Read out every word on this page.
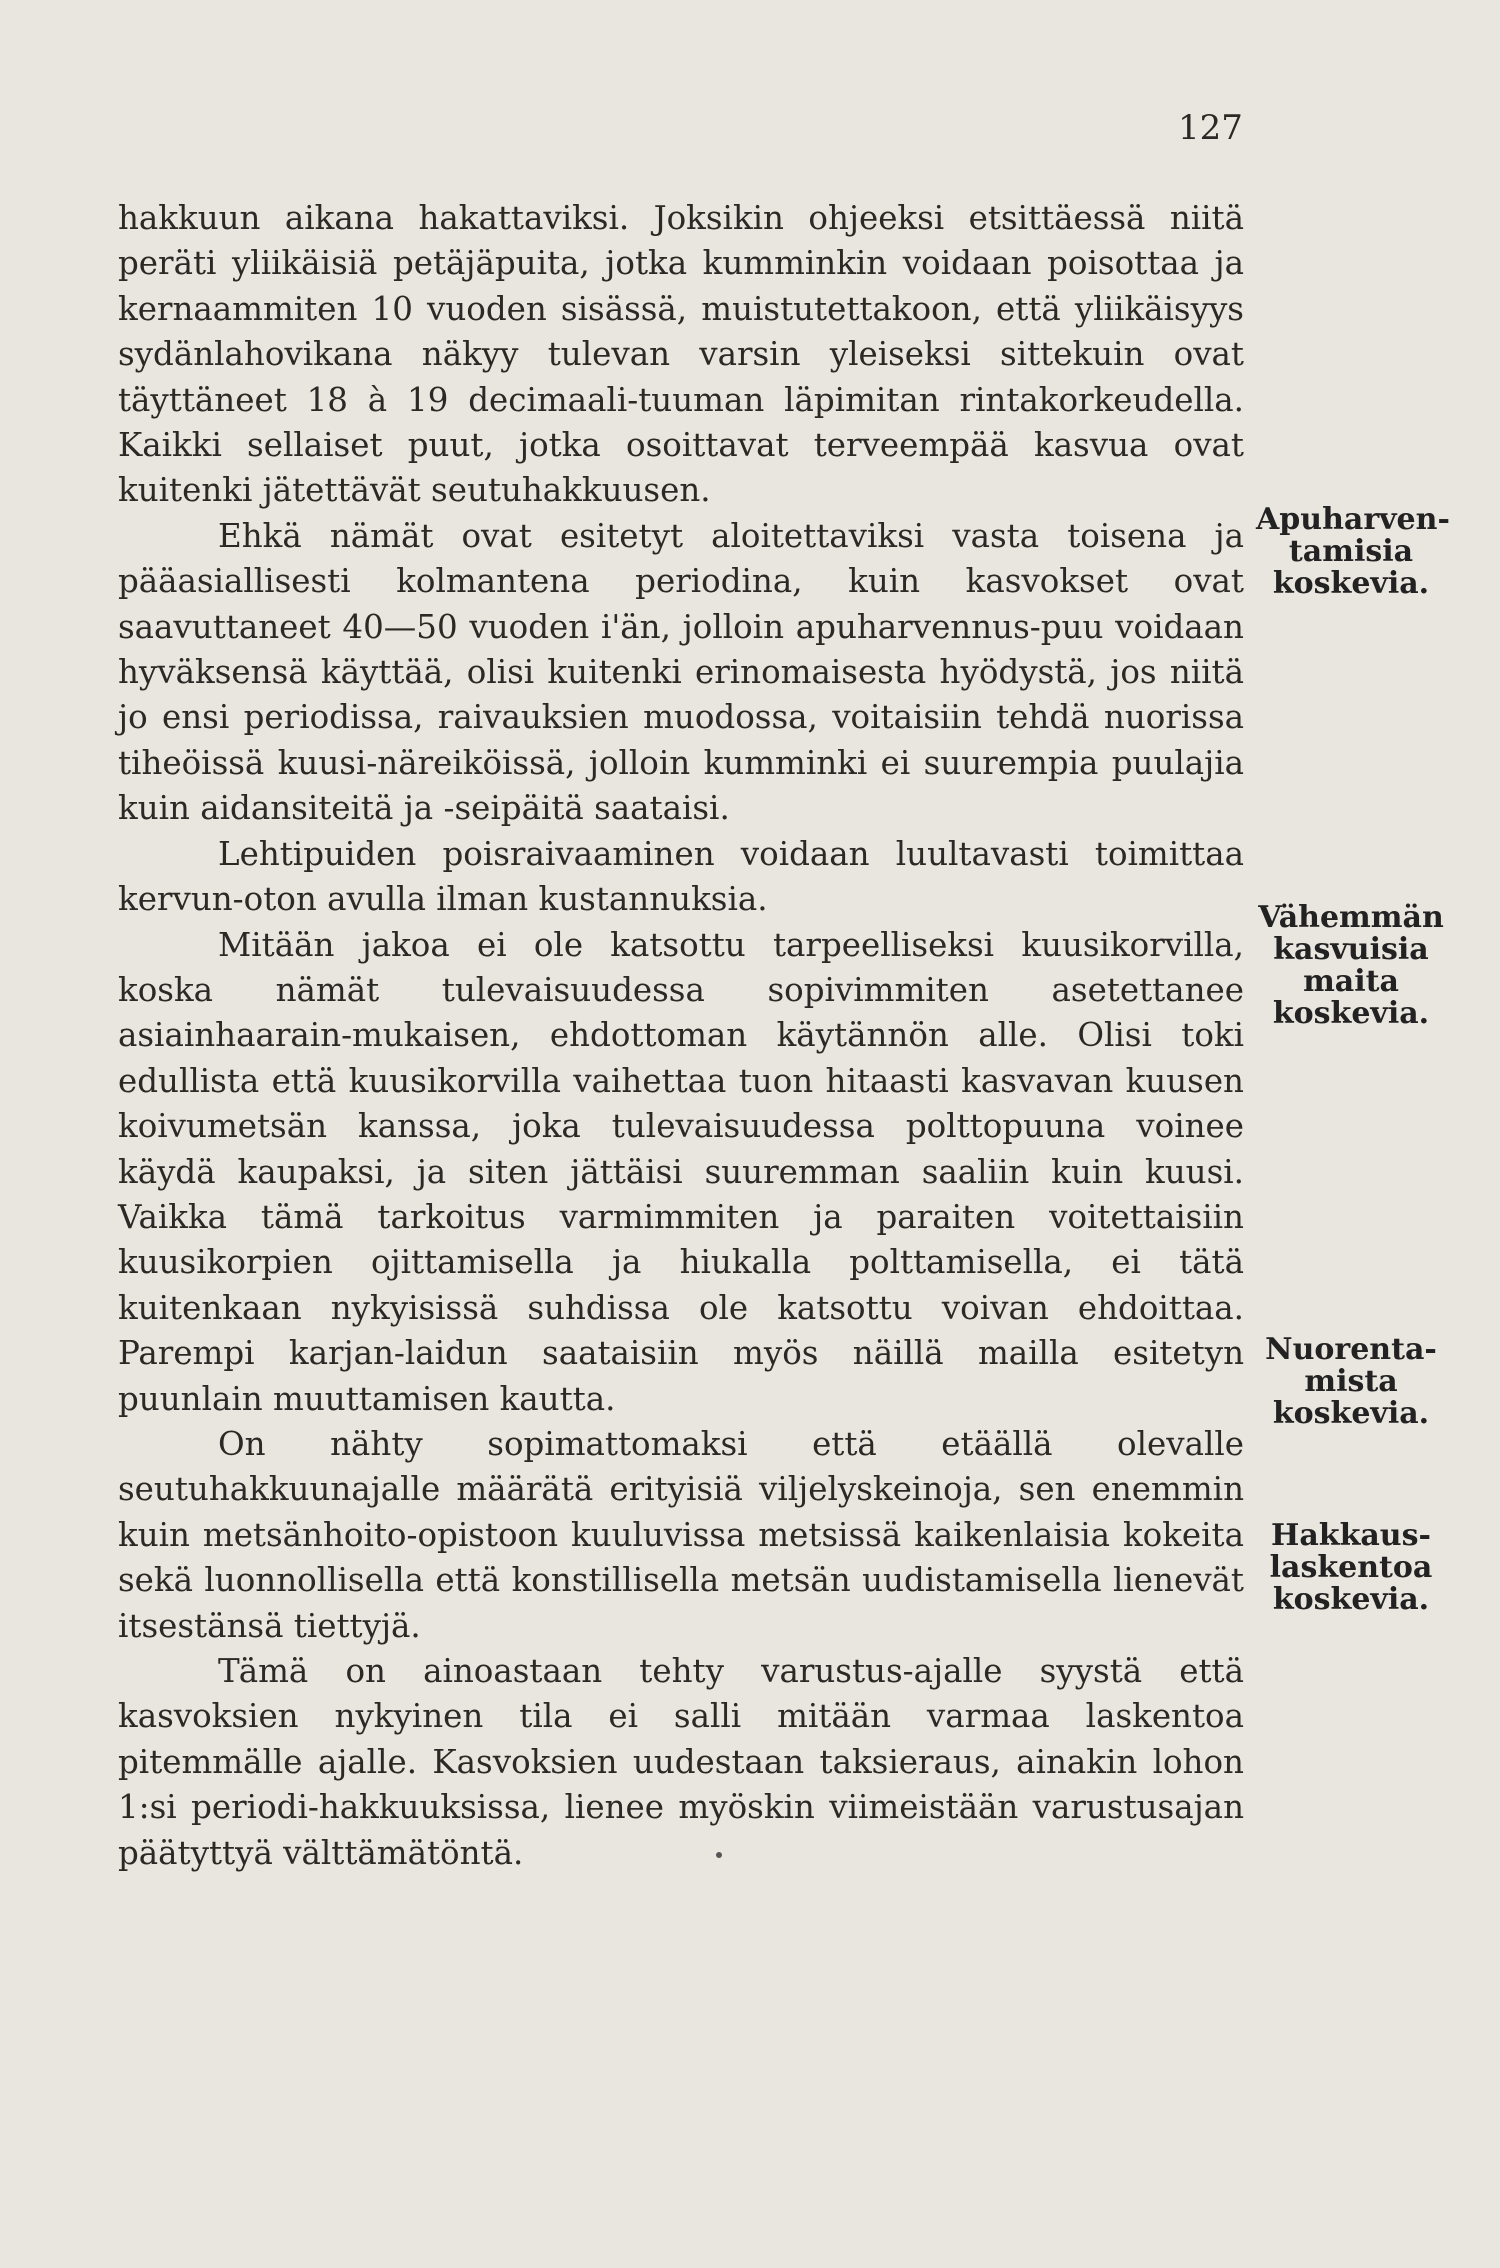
127

hakkuun aikana hakattaviksi. Joksikin ohjeeksi etsittäessä niitä peräti yliikäisiä petäjäpuita, jotka kumminkin voidaan poisottaa ja kernaammiten 10 vuoden sisässä, muistutettakoon, että yliikäisyys sydänlahovikana näkyy tulevan varsin yleiseksi sittekuin ovat täyttäneet 18 à 19 decimaali-tuuman läpimitan rintakorkeudella. Kaikki sellaiset puut, jotka osoittavat terveempää kasvua ovat kuitenki jätettävät seutuhakkuusen.

Ehkä nämät ovat esitetyt aloitettaviksi vasta toisena ja pääasiallisesti kolmantena periodina, kuin kasvokset ovat saavuttaneet 40—50 vuoden i'än, jolloin apuharvennus-puu voidaan hyväksensä käyttää, olisi kuitenki erinomaisesta hyödystä, jos niitä jo ensi periodissa, raivauksien muodossa, voitaisiin tehdä nuorissa tiheöissä kuusi-näreiköissä, jolloin kumminki ei suurempia puulajia kuin aidansiteitä ja -seipäitä saataisi.

Lehtipuiden poisraivaaminen voidaan luultavasti toimittaa kervun-oton avulla ilman kustannuksia.

Mitään jakoa ei ole katsottu tarpeelliseksi kuusikorvilla, koska nämät tulevaisuudessa sopivimmiten asetettanee asiainhaarain-mukaisen, ehdottoman käytännön alle. Olisi toki edullista että kuusikorvilla vaihettaa tuon hitaasti kasvavan kuusen koivumetsän kanssa, joka tulevaisuudessa polttopuuna voinee käydä kaupaksi, ja siten jättäisi suuremman saaliin kuin kuusi. Vaikka tämä tarkoitus varmimmiten ja paraiten voitettaisiin kuusikorpien ojittamisella ja hiukalla polttamisella, ei tätä kuitenkaan nykyisissä suhdissa ole katsottu voivan ehdoittaa. Parempi karjan-laidun saataisiin myös näillä mailla esitetyn puunlain muuttamisen kautta.

On nähty sopimattomaksi että etäällä olevalle seutuhakkuunajalle määrätä erityisiä viljelyskeinoja, sen enemmin kuin metsänhoito-opistoon kuuluvissa metsissä kaikenlaisia kokeita sekä luonnollisella että konstillisella metsän uudistamisella lienevät itsestänsä tiettyjä.

Tämä on ainoastaan tehty varustus-ajalle syystä että kasvoksien nykyinen tila ei salli mitään varmaa laskentoa pitemmälle ajalle. Kasvoksien uudestaan taksieraus, ainakin lohon 1:si periodi-hakkuuksissa, lienee myöskin viimeistään varustusajan päätyttyä välttämätöntä.

Apuharven-
tamisia
koskevia.
Vähemmän
kasvuisia
maita
koskevia.
Nuorenta-
mista
koskevia.
Hakkaus-
laskentoa
koskevia.
